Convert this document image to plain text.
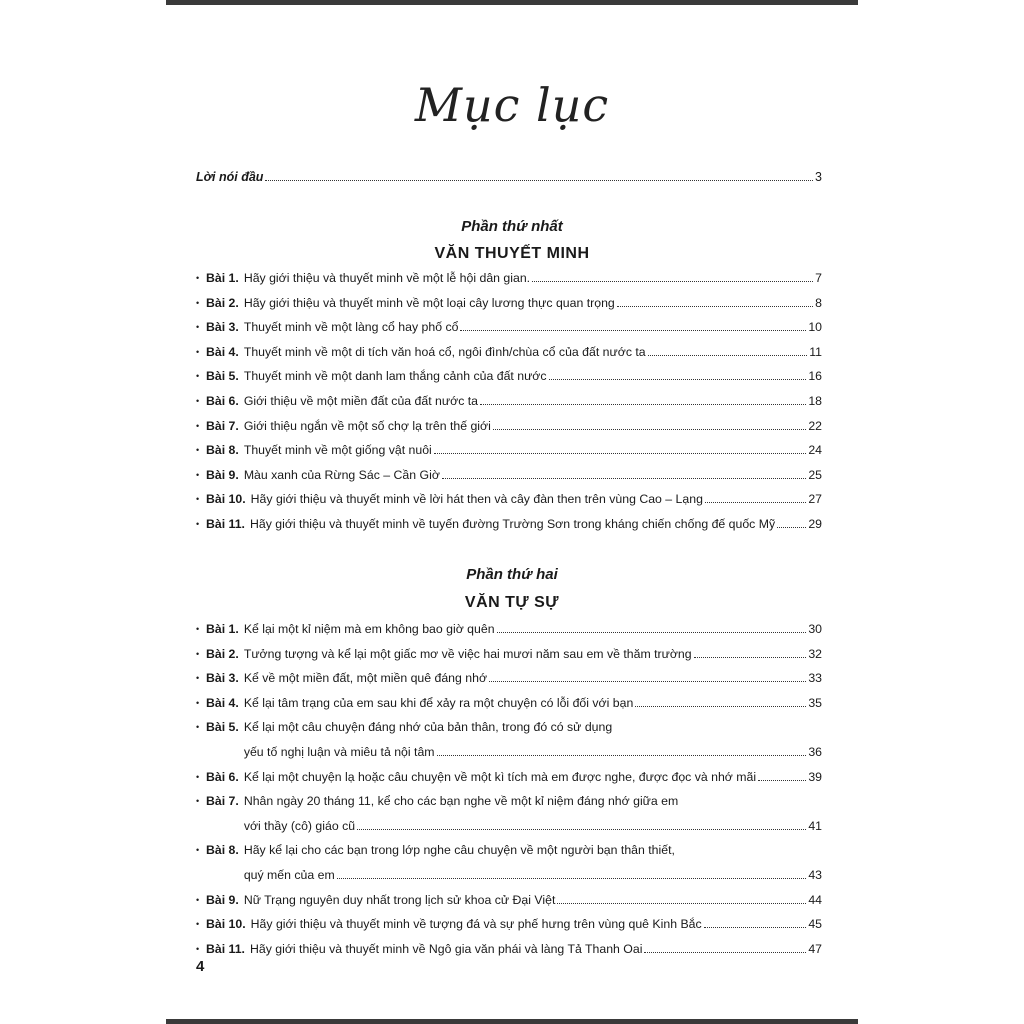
Mục lục
Lời nói đầu	3
Phần thứ nhất
VĂN THUYẾT MINH
• Bài 1. Hãy giới thiệu và thuyết minh về một lễ hội dân gian.	7
• Bài 2. Hãy giới thiệu và thuyết minh về một loại cây lương thực quan trọng	8
• Bài 3. Thuyết minh về một làng cổ hay phố cổ	10
• Bài 4. Thuyết minh về một di tích văn hoá cổ, ngôi đình/chùa cổ của đất nước ta	11
• Bài 5. Thuyết minh về một danh lam thắng cảnh của đất nước	16
• Bài 6. Giới thiệu về một miền đất của đất nước ta	18
• Bài 7. Giới thiệu ngắn về một số chợ lạ trên thế giới	22
• Bài 8. Thuyết minh về một giống vật nuôi	24
• Bài 9. Màu xanh của Rừng Sác – Cần Giờ	25
• Bài 10. Hãy giới thiệu và thuyết minh về lời hát then và cây đàn then trên vùng Cao – Lạng	27
• Bài 11. Hãy giới thiệu và thuyết minh về tuyến đường Trường Sơn trong kháng chiến chống đế quốc Mỹ	29
Phần thứ hai
VĂN TỰ SỰ
• Bài 1. Kể lại một kỉ niệm mà em không bao giờ quên	30
• Bài 2. Tưởng tượng và kể lại một giấc mơ về việc hai mươi năm sau em về thăm trường	32
• Bài 3. Kể về một miền đất, một miền quê đáng nhớ	33
• Bài 4. Kể lại tâm trạng của em sau khi để xảy ra một chuyện có lỗi đối với bạn	35
• Bài 5. Kể lại một câu chuyện đáng nhớ của bản thân, trong đó có sử dụng
yếu tố nghị luận và miêu tả nội tâm	36
• Bài 6. Kể lại một chuyện lạ hoặc câu chuyện về một kì tích mà em được nghe, được đọc và nhớ mãi	39
• Bài 7. Nhân ngày 20 tháng 11, kể cho các bạn nghe về một kỉ niệm đáng nhớ giữa em
với thầy (cô) giáo cũ	41
• Bài 8. Hãy kể lại cho các bạn trong lớp nghe câu chuyện về một người bạn thân thiết,
quý mến của em	43
• Bài 9. Nữ Trạng nguyên duy nhất trong lịch sử khoa cử Đại Việt	44
• Bài 10. Hãy giới thiệu và thuyết minh về tượng đá và sự phế hưng trên vùng quê Kinh Bắc	45
• Bài 11. Hãy giới thiệu và thuyết minh về Ngô gia văn phái và làng Tả Thanh Oai	47
4
